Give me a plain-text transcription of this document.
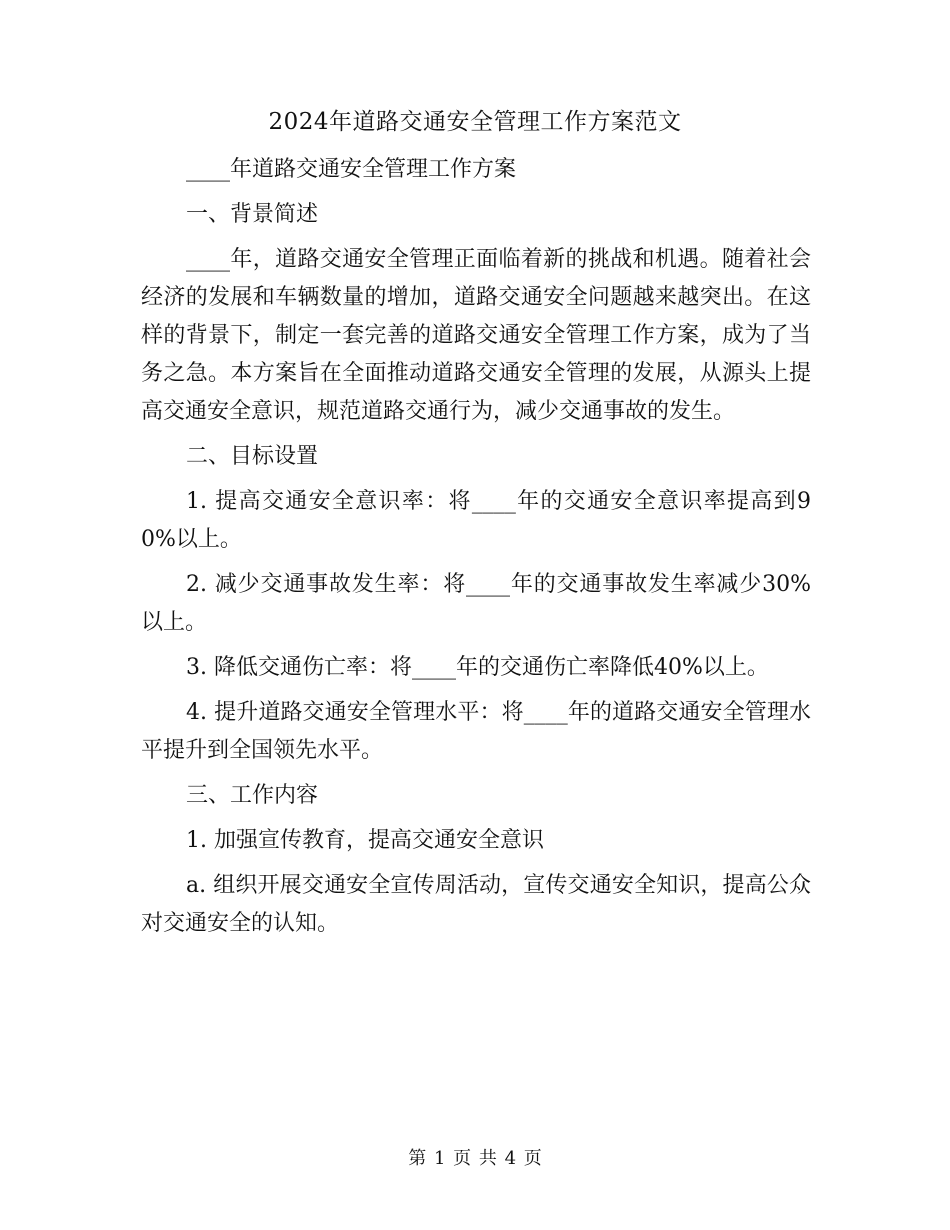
2024年道路交通安全管理工作方案范文

____年道路交通安全管理工作方案

一、背景简述

____年，道路交通安全管理正面临着新的挑战和机遇。随着社会经济的发展和车辆数量的增加，道路交通安全问题越来越突出。在这样的背景下，制定一套完善的道路交通安全管理工作方案，成为了当务之急。本方案旨在全面推动道路交通安全管理的发展，从源头上提高交通安全意识，规范道路交通行为，减少交通事故的发生。

二、目标设置

1. 提高交通安全意识率：将____年的交通安全意识率提高到90%以上。

2. 减少交通事故发生率：将____年的交通事故发生率减少30%以上。

3. 降低交通伤亡率：将____年的交通伤亡率降低40%以上。

4. 提升道路交通安全管理水平：将____年的道路交通安全管理水平提升到全国领先水平。

三、工作内容

1. 加强宣传教育，提高交通安全意识

a. 组织开展交通安全宣传周活动，宣传交通安全知识，提高公众对交通安全的认知。

第 1 页 共 4 页
